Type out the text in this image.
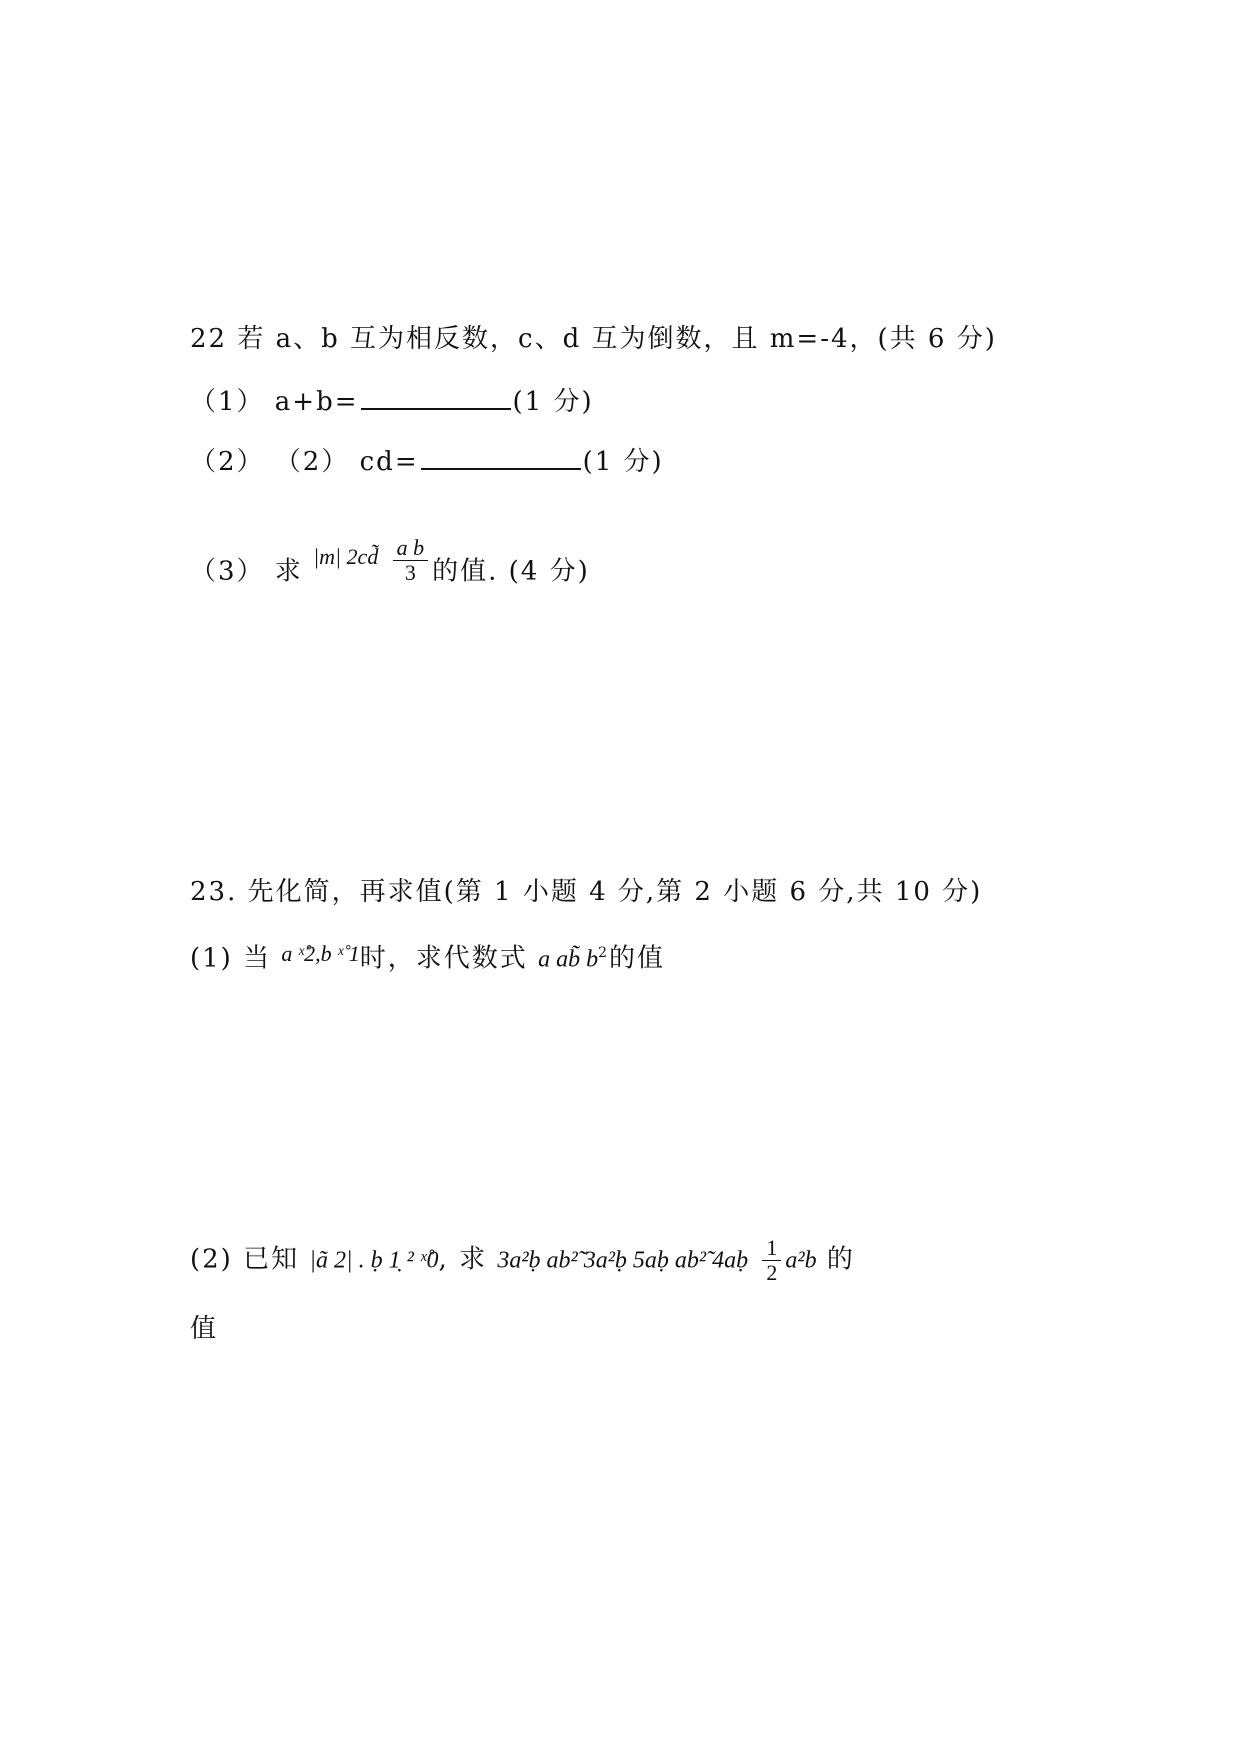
22 若 a、b 互为相反数，c、d 互为倒数，且 m=-4，(共 6 分)
（1） a+b=	(1 分)
（2） （2） cd=	(1 分)
（3） 求 $^{|m| 2cd̃} \frac{\text{a b}}{3}$ 的值. (4 分)
23. 先化简，再求值(第 1 小题 4 分,第 2 小题 6 分,共 10 分)
(1) 当 $^{a ˣ̊2,b ˣ̊ 1}$时，求代数式 a ab̃ $b^2$的值
(2) 已知 |ã 2| . ḅ 1̣ ² ˣ̊0, 求 3a²ḅ ab²̃ 3a²ḅ 5aḅ ab²̃ 4aḅ $\frac{1}{2} a^2b$ 的
值
